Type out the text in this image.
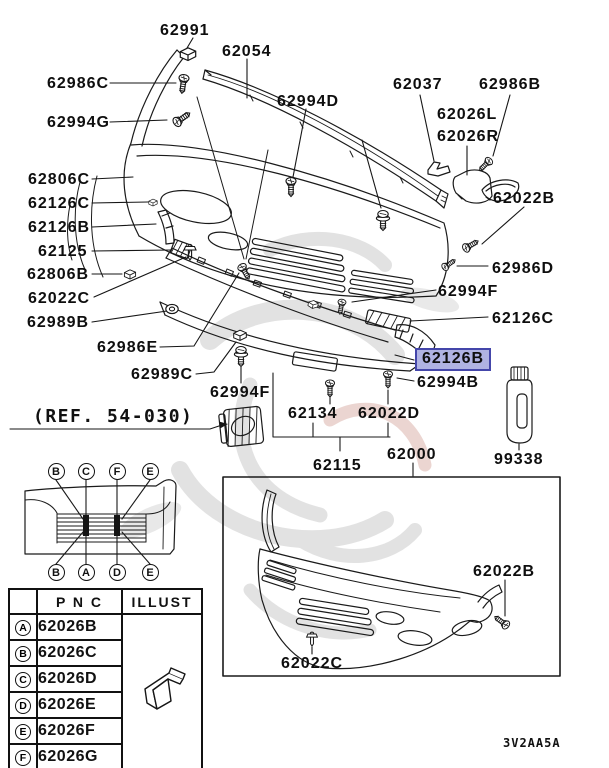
62991
62054
62986C
62994D
62994G
62037 62986B
62026L
62026R
62806C
62126C	62022B
62126B
62125
62806B	62986D
62022C	62994F
62989B	62126C
62986E
62126B
62989C	62994B
62994F
62134 62022D
62115
62000	99338
62022B
62022C
(REF. 54-030)
3V2AA5A
	P N C	ILLUST
A	62026B	
B	62026C	
C	62026D	
D	62026E	
E	62026F	
F	62026G	
B	C	F	E
B	A	D	E
